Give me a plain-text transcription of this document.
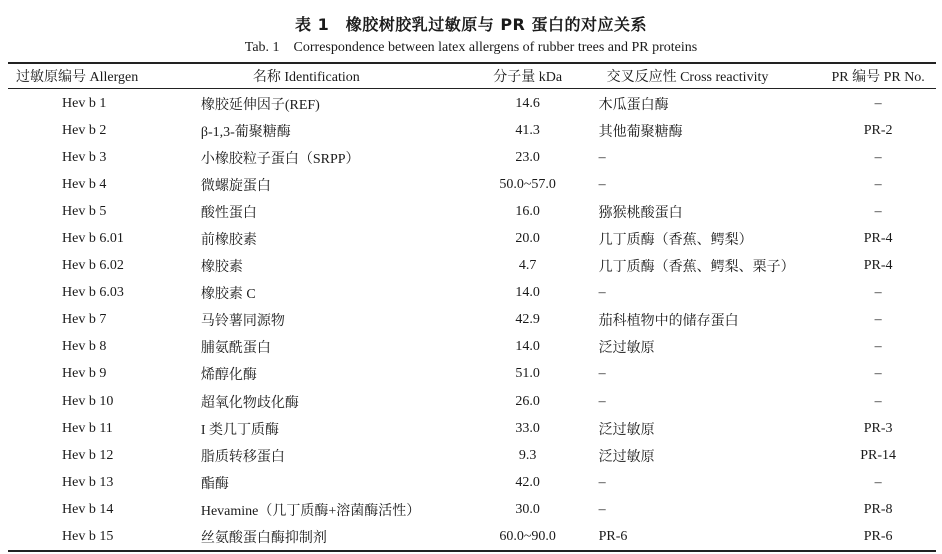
表 1　橡胶树胶乳过敏原与 PR 蛋白的对应关系
Tab. 1　Correspondence between latex allergens of rubber trees and PR proteins
过敏原编号 Allergen	名称 Identification	分子量 kDa	交叉反应性 Cross reactivity	PR 编号 PR No.
Hev b 1	橡胶延伸因子(REF)	14.6	木瓜蛋白酶	–
Hev b 2	β-1,3-葡聚糖酶	41.3	其他葡聚糖酶	PR-2
Hev b 3	小橡胶粒子蛋白（SRPP）	23.0	–	–
Hev b 4	微螺旋蛋白	50.0~57.0	–	–
Hev b 5	酸性蛋白	16.0	猕猴桃酸蛋白	–
Hev b 6.01	前橡胶素	20.0	几丁质酶（香蕉、鳄梨）	PR-4
Hev b 6.02	橡胶素	4.7	几丁质酶（香蕉、鳄梨、栗子）	PR-4
Hev b 6.03	橡胶素 C	14.0	–	–
Hev b 7	马铃薯同源物	42.9	茄科植物中的储存蛋白	–
Hev b 8	脯氨酰蛋白	14.0	泛过敏原	–
Hev b 9	烯醇化酶	51.0	–	–
Hev b 10	超氧化物歧化酶	26.0	–	–
Hev b 11	I 类几丁质酶	33.0	泛过敏原	PR-3
Hev b 12	脂质转移蛋白	9.3	泛过敏原	PR-14
Hev b 13	酯酶	42.0	–	–
Hev b 14	Hevamine（几丁质酶+溶菌酶活性）	30.0	–	PR-8
Hev b 15	丝氨酸蛋白酶抑制剂	60.0~90.0	PR-6	PR-6
